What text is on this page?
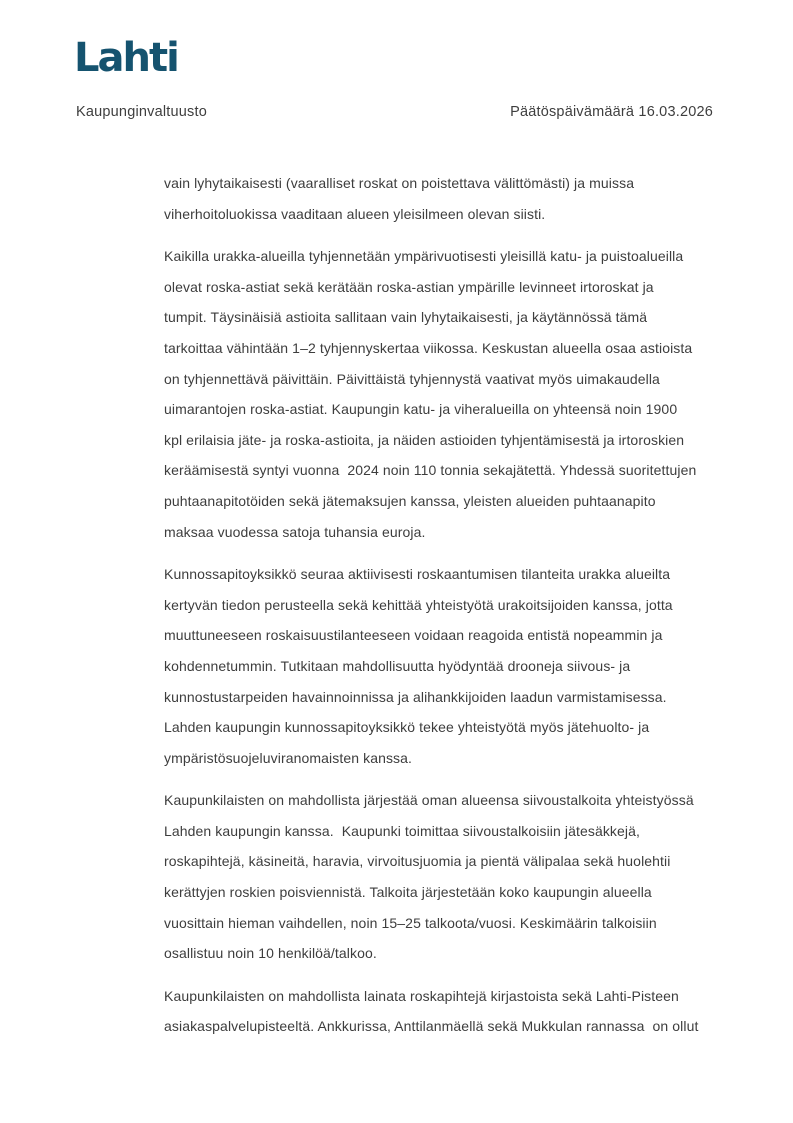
Lahti
Kaupunginvaltuusto	Päätöspäivämäärä 16.03.2026
vain lyhytaikaisesti (vaaralliset roskat on poistettava välittömästi) ja muissa
viherhoitoluokissa vaaditaan alueen yleisilmeen olevan siisti.
Kaikilla urakka-alueilla tyhjennetään ympärivuotisesti yleisillä katu- ja puistoalueilla
olevat roska-astiat sekä kerätään roska-astian ympärille levinneet irtoroskat ja
tumpit. Täysinäisiä astioita sallitaan vain lyhytaikaisesti, ja käytännössä tämä
tarkoittaa vähintään 1–2 tyhjennyskertaa viikossa. Keskustan alueella osaa astioista
on tyhjennettävä päivittäin. Päivittäistä tyhjennystä vaativat myös uimakaudella
uimarantojen roska-astiat. Kaupungin katu- ja viheralueilla on yhteensä noin 1900
kpl erilaisia jäte- ja roska-astioita, ja näiden astioiden tyhjentämisestä ja irtoroskien
keräämisestä syntyi vuonna  2024 noin 110 tonnia sekajätettä. Yhdessä suoritettujen
puhtaanapitotöiden sekä jätemaksujen kanssa, yleisten alueiden puhtaanapito
maksaa vuodessa satoja tuhansia euroja.
Kunnossapitoyksikkö seuraa aktiivisesti roskaantumisen tilanteita urakka alueilta
kertyvän tiedon perusteella sekä kehittää yhteistyötä urakoitsijoiden kanssa, jotta
muuttuneeseen roskaisuustilanteeseen voidaan reagoida entistä nopeammin ja
kohdennetummin. Tutkitaan mahdollisuutta hyödyntää drooneja siivous- ja
kunnostustarpeiden havainnoinnissa ja alihankkijoiden laadun varmistamisessa.
Lahden kaupungin kunnossapitoyksikkö tekee yhteistyötä myös jätehuolto- ja
ympäristösuojeluviranomaisten kanssa.
Kaupunkilaisten on mahdollista järjestää oman alueensa siivoustalkoita yhteistyössä
Lahden kaupungin kanssa.  Kaupunki toimittaa siivoustalkoisiin jätesäkkejä,
roskapihtejä, käsineitä, haravia, virvoitusjuomia ja pientä välipalaa sekä huolehtii
kerättyjen roskien poisviennistä. Talkoita järjestetään koko kaupungin alueella
vuosittain hieman vaihdellen, noin 15–25 talkoota/vuosi. Keskimäärin talkoisiin
osallistuu noin 10 henkilöä/talkoo.
Kaupunkilaisten on mahdollista lainata roskapihtejä kirjastoista sekä Lahti-Pisteen
asiakaspalvelupisteeltä. Ankkurissa, Anttilanmäellä sekä Mukkulan rannassa  on ollut
